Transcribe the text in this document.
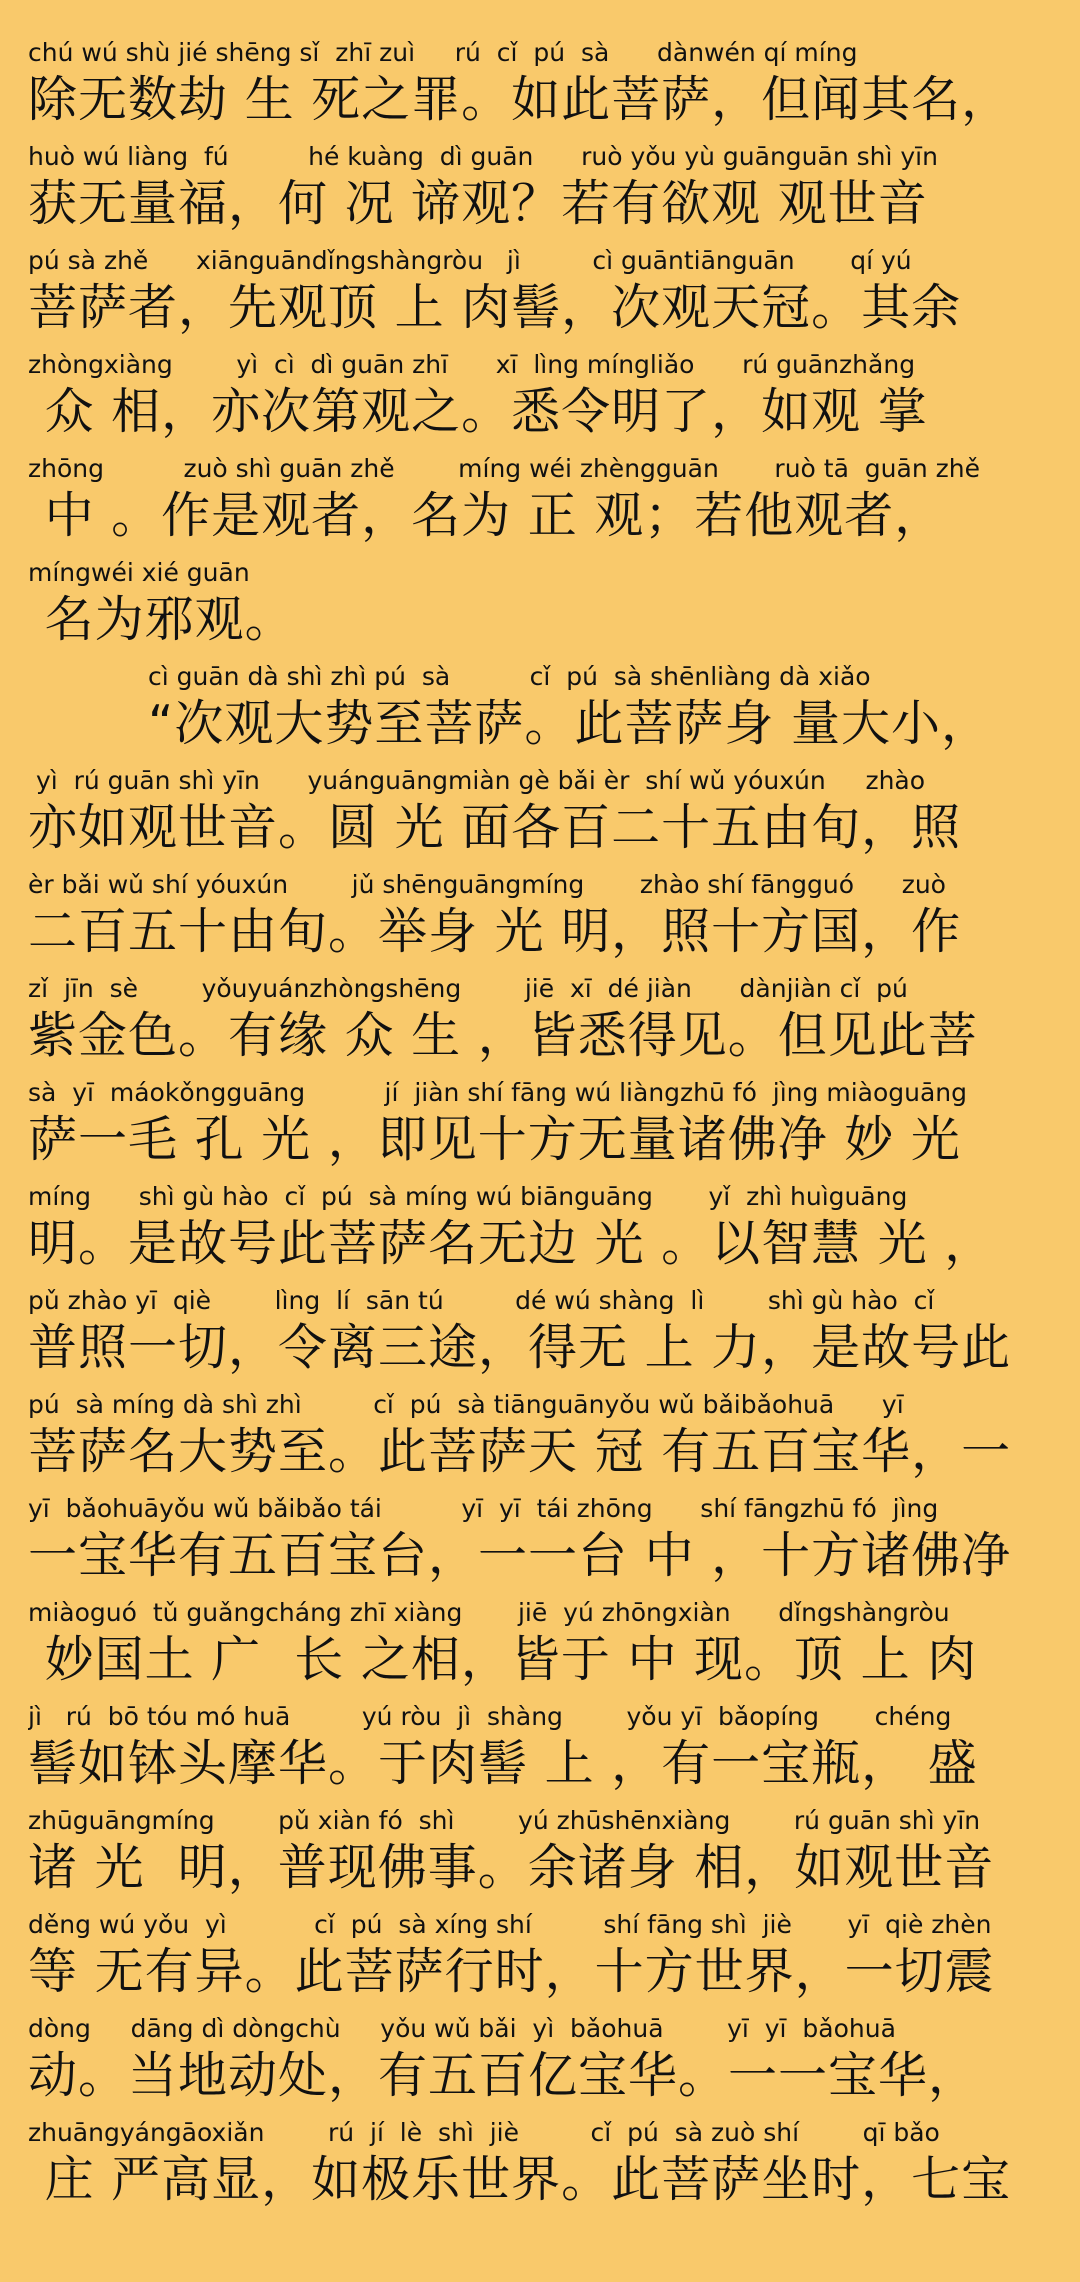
chú wú shù jié shēng sǐ  zhī zuì     rú  cǐ  pú  sà      dànwén qí míng
除无数劫 生 死之罪。如此菩萨，但闻其名，
huò wú liàng  fú          hé kuàng  dì guān      ruò yǒu yù guānguān shì yīn
获无量福，何 况 谛观？若有欲观 观世音
pú sà zhě      xiānguāndǐngshàngròu   jì         cì guāntiānguān       qí yú
菩萨者，先观顶 上 肉髻，次观天冠。其余
zhòngxiàng        yì  cì  dì guān zhī      xī  lìng míngliǎo      rú guānzhǎng
众 相，亦次第观之。悉令明了，如观 掌
zhōng          zuò shì guān zhě        míng wéi zhèngguān       ruò tā  guān zhě
中 。作是观者，名为 正 观；若他观者，
míngwéi xié guān
名为邪观。
cì guān dà shì zhì pú  sà          cǐ  pú  sà shēnliàng dà xiǎo
“次观大势至菩萨。此菩萨身 量大小，
yì  rú guān shì yīn      yuánguāngmiàn gè bǎi èr  shí wǔ yóuxún     zhào
亦如观世音。圆 光 面各百二十五由旬，照
èr bǎi wǔ shí yóuxún        jǔ shēnguāngmíng       zhào shí fāngguó      zuò
二百五十由旬。举身 光 明，照十方国，作
zǐ  jīn  sè        yǒuyuánzhòngshēng        jiē  xī  dé jiàn      dànjiàn cǐ  pú
紫金色。有缘 众 生 ，皆悉得见。但见此菩
sà  yī  máokǒngguāng          jí  jiàn shí fāng wú liàngzhū fó  jìng miàoguāng
萨一毛 孔 光 ，即见十方无量诸佛净 妙 光
míng      shì gù hào  cǐ  pú  sà míng wú biānguāng       yǐ  zhì huìguāng
明。是故号此菩萨名无边 光 。以智慧 光 ，
pǔ zhào yī  qiè        lìng  lí  sān tú         dé wú shàng  lì        shì gù hào  cǐ
普照一切，令离三途，得无 上 力，是故号此
pú  sà míng dà shì zhì         cǐ  pú  sà tiānguānyǒu wǔ bǎibǎohuā      yī
菩萨名大势至。此菩萨天 冠 有五百宝华，一
yī  bǎohuāyǒu wǔ bǎibǎo tái          yī  yī  tái zhōng      shí fāngzhū fó  jìng
一宝华有五百宝台，一一台 中 ，十方诸佛净
miàoguó  tǔ guǎngcháng zhī xiàng       jiē  yú zhōngxiàn      dǐngshàngròu
妙国土 广  长 之相，皆于 中 现。顶 上 肉
jì   rú  bō tóu mó huā         yú ròu  jì  shàng        yǒu yī  bǎopíng       chéng
髻如钵头摩华。于肉髻 上 ，有一宝瓶， 盛
zhūguāngmíng        pǔ xiàn fó  shì        yú zhūshēnxiàng        rú guān shì yīn
诸 光  明，普现佛事。余诸身 相，如观世音
děng wú yǒu  yì           cǐ  pú  sà xíng shí         shí fāng shì  jiè       yī  qiè zhèn
等 无有异。此菩萨行时，十方世界，一切震
dòng     dāng dì dòngchù     yǒu wǔ bǎi  yì  bǎohuā        yī  yī  bǎohuā
动。当地动处，有五百亿宝华。一一宝华，
zhuāngyángāoxiǎn        rú  jí  lè  shì  jiè         cǐ  pú  sà zuò shí        qī bǎo
庄 严高显，如极乐世界。此菩萨坐时，七宝
